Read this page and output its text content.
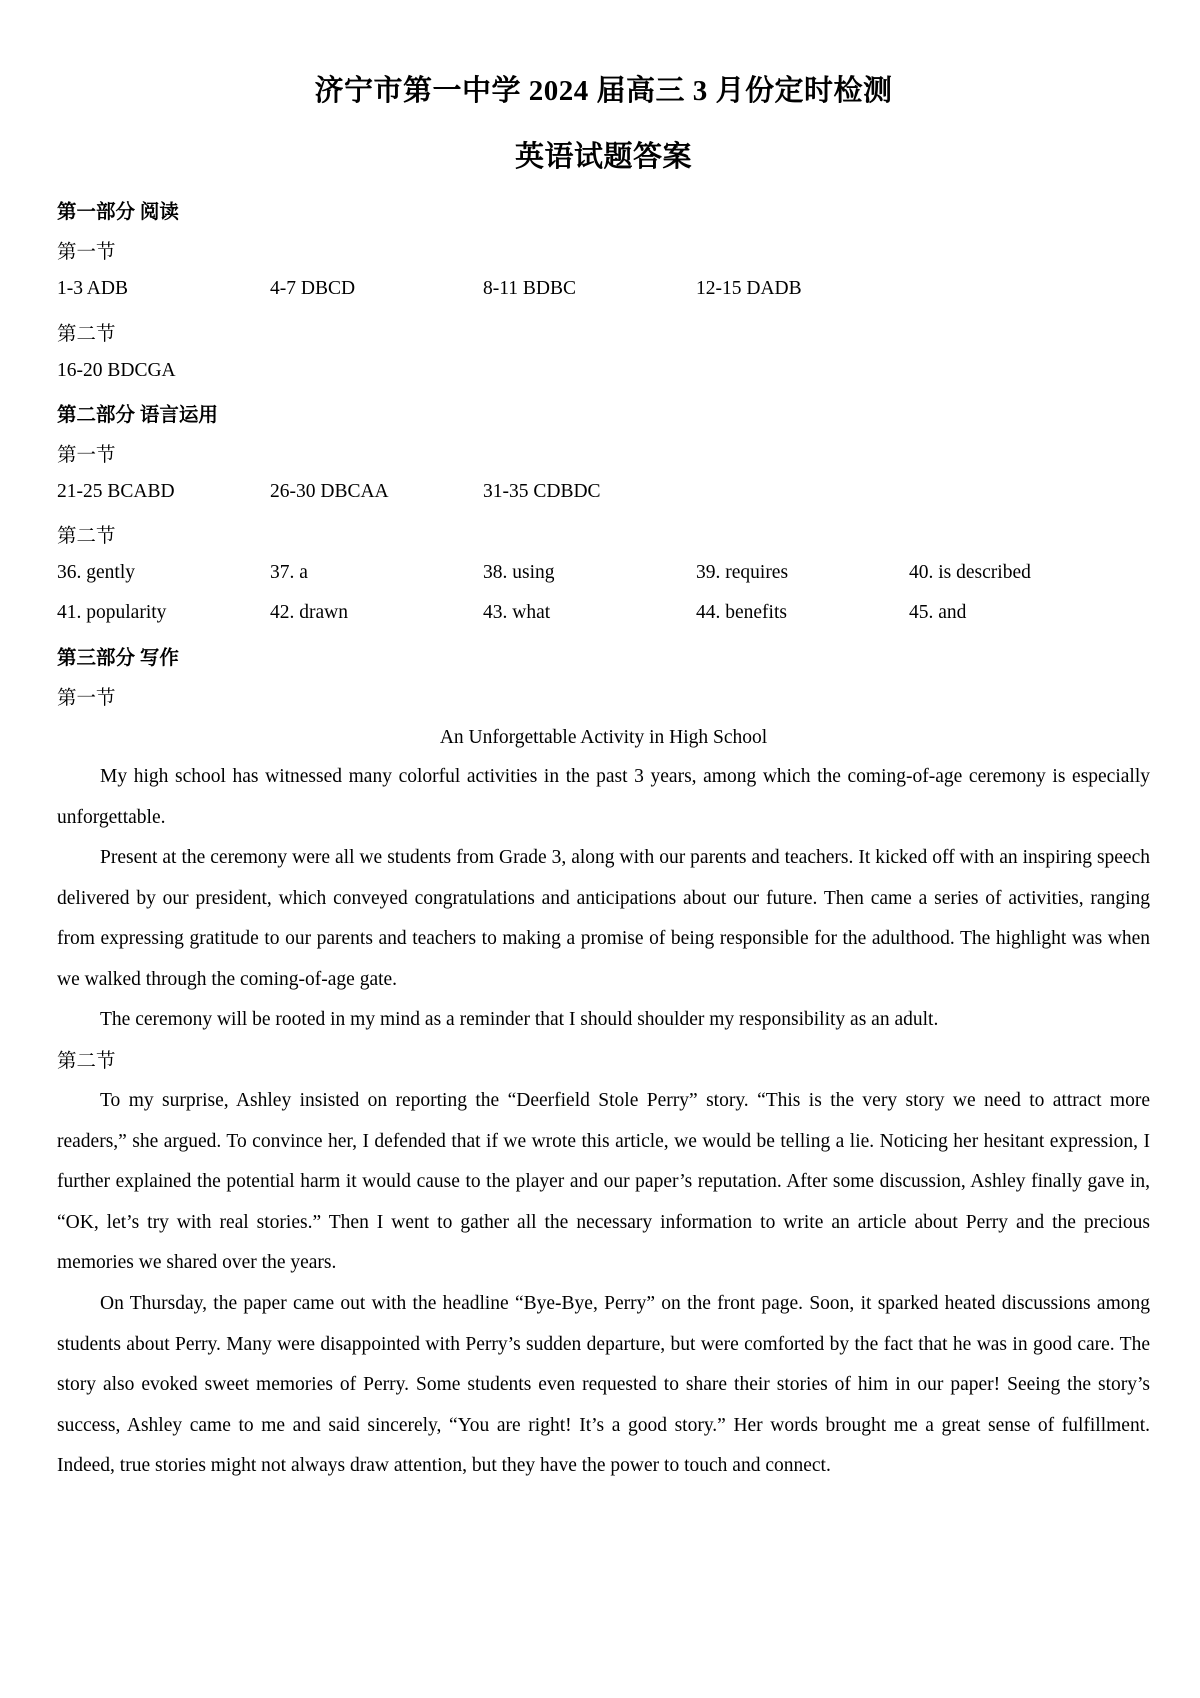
济宁市第一中学 2024 届高三 3 月份定时检测
英语试题答案
第一部分 阅读
第一节
1-3 ADB	4-7 DBCD	8-11 BDBC	12-15 DADB
第二节
16-20 BDCGA
第二部分 语言运用
第一节
21-25 BCABD	26-30 DBCAA	31-35 CDBDC
第二节
36. gently	37. a	38. using	39. requires	40. is described
41. popularity	42. drawn	43. what	44. benefits	45. and
第三部分 写作
第一节
An Unforgettable Activity in High School

My high school has witnessed many colorful activities in the past 3 years, among which the coming-of-age ceremony is especially unforgettable.

Present at the ceremony were all we students from Grade 3, along with our parents and teachers. It kicked off with an inspiring speech delivered by our president, which conveyed congratulations and anticipations about our future. Then came a series of activities, ranging from expressing gratitude to our parents and teachers to making a promise of being responsible for the adulthood. The highlight was when we walked through the coming-of-age gate.

The ceremony will be rooted in my mind as a reminder that I should shoulder my responsibility as an adult.

第二节

To my surprise, Ashley insisted on reporting the “Deerfield Stole Perry” story. “This is the very story we need to attract more readers,” she argued. To convince her, I defended that if we wrote this article, we would be telling a lie. Noticing her hesitant expression, I further explained the potential harm it would cause to the player and our paper’s reputation. After some discussion, Ashley finally gave in, “OK, let’s try with real stories.” Then I went to gather all the necessary information to write an article about Perry and the precious memories we shared over the years.

On Thursday, the paper came out with the headline “Bye-Bye, Perry” on the front page. Soon, it sparked heated discussions among students about Perry. Many were disappointed with Perry’s sudden departure, but were comforted by the fact that he was in good care. The story also evoked sweet memories of Perry. Some students even requested to share their stories of him in our paper! Seeing the story’s success, Ashley came to me and said sincerely, “You are right! It’s a good story.” Her words brought me a great sense of fulfillment. Indeed, true stories might not always draw attention, but they have the power to touch and connect.
